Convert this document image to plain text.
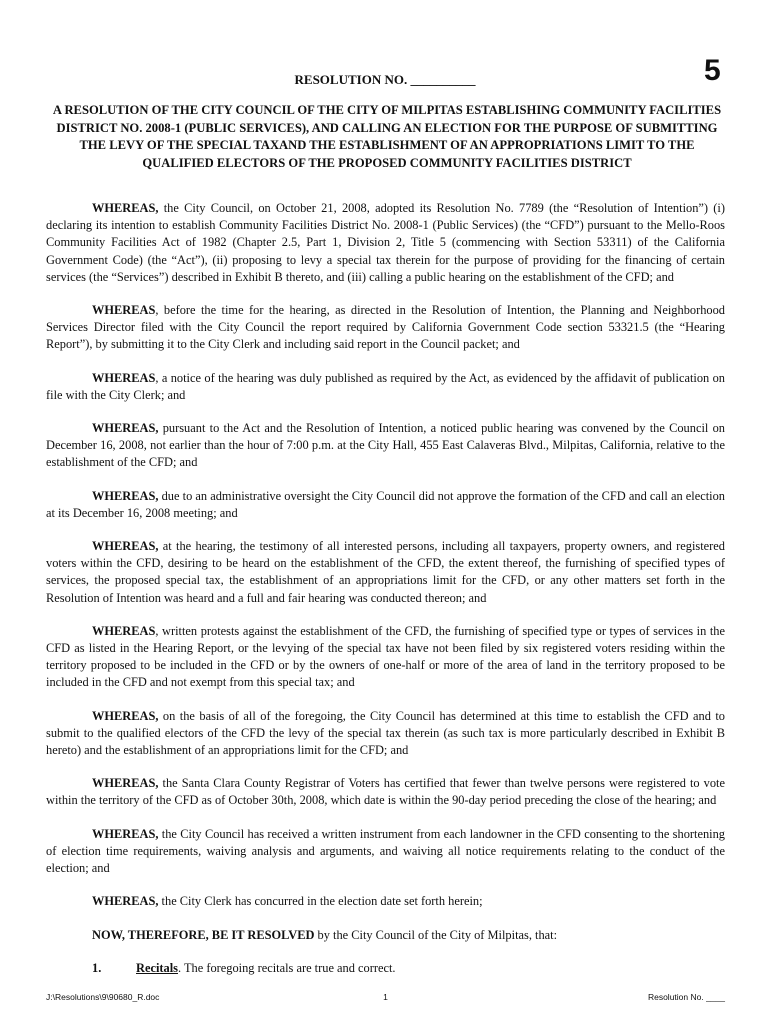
5
RESOLUTION NO. __________
A RESOLUTION OF THE CITY COUNCIL OF THE CITY OF MILPITAS ESTABLISHING COMMUNITY FACILITIES DISTRICT NO. 2008-1 (PUBLIC SERVICES), AND CALLING AN ELECTION FOR THE PURPOSE OF SUBMITTING THE LEVY OF THE SPECIAL TAXAND THE ESTABLISHMENT OF AN APPROPRIATIONS LIMIT TO THE QUALIFIED ELECTORS OF THE PROPOSED COMMUNITY FACILITIES DISTRICT

WHEREAS, the City Council, on October 21, 2008, adopted its Resolution No. 7789 (the “Resolution of Intention”) (i) declaring its intention to establish Community Facilities District No. 2008-1 (Public Services) (the “CFD”) pursuant to the Mello-Roos Community Facilities Act of 1982 (Chapter 2.5, Part 1, Division 2, Title 5 (commencing with Section 53311) of the California Government Code) (the “Act”), (ii) proposing to levy a special tax therein for the purpose of providing for the financing of certain services (the “Services”) described in Exhibit B thereto, and (iii) calling a public hearing on the establishment of the CFD; and

WHEREAS, before the time for the hearing, as directed in the Resolution of Intention, the Planning and Neighborhood Services Director filed with the City Council the report required by California Government Code section 53321.5 (the “Hearing Report”), by submitting it to the City Clerk and including said report in the Council packet; and

WHEREAS, a notice of the hearing was duly published as required by the Act, as evidenced by the affidavit of publication on file with the City Clerk; and

WHEREAS, pursuant to the Act and the Resolution of Intention, a noticed public hearing was convened by the Council on December 16, 2008, not earlier than the hour of 7:00 p.m. at the City Hall, 455 East Calaveras Blvd., Milpitas, California, relative to the establishment of the CFD; and

WHEREAS, due to an administrative oversight the City Council did not approve the formation of the CFD and call an election at its December 16, 2008 meeting; and

WHEREAS, at the hearing, the testimony of all interested persons, including all taxpayers, property owners, and registered voters within the CFD, desiring to be heard on the establishment of the CFD, the extent thereof, the furnishing of specified types of services, the proposed special tax, the establishment of an appropriations limit for the CFD, or any other matters set forth in the Resolution of Intention was heard and a full and fair hearing was conducted thereon; and

WHEREAS, written protests against the establishment of the CFD, the furnishing of specified type or types of services in the CFD as listed in the Hearing Report, or the levying of the special tax have not been filed by six registered voters residing within the territory proposed to be included in the CFD or by the owners of one-half or more of the area of land in the territory proposed to be included in the CFD and not exempt from this special tax; and

WHEREAS, on the basis of all of the foregoing, the City Council has determined at this time to establish the CFD and to submit to the qualified electors of the CFD the levy of the special tax therein (as such tax is more particularly described in Exhibit B hereto) and the establishment of an appropriations limit for the CFD; and

WHEREAS, the Santa Clara County Registrar of Voters has certified that fewer than twelve persons were registered to vote within the territory of the CFD as of October 30th, 2008, which date is within the 90-day period preceding the close of the hearing; and

WHEREAS, the City Council has received a written instrument from each landowner in the CFD consenting to the shortening of election time requirements, waiving analysis and arguments, and waiving all notice requirements relating to the conduct of the election; and

WHEREAS, the City Clerk has concurred in the election date set forth herein;

NOW, THEREFORE, BE IT RESOLVED by the City Council of the City of Milpitas, that:

1.	Recitals. The foregoing recitals are true and correct.

J:\Resolutions\9\90680_R.doc	1	Resolution No. ____
